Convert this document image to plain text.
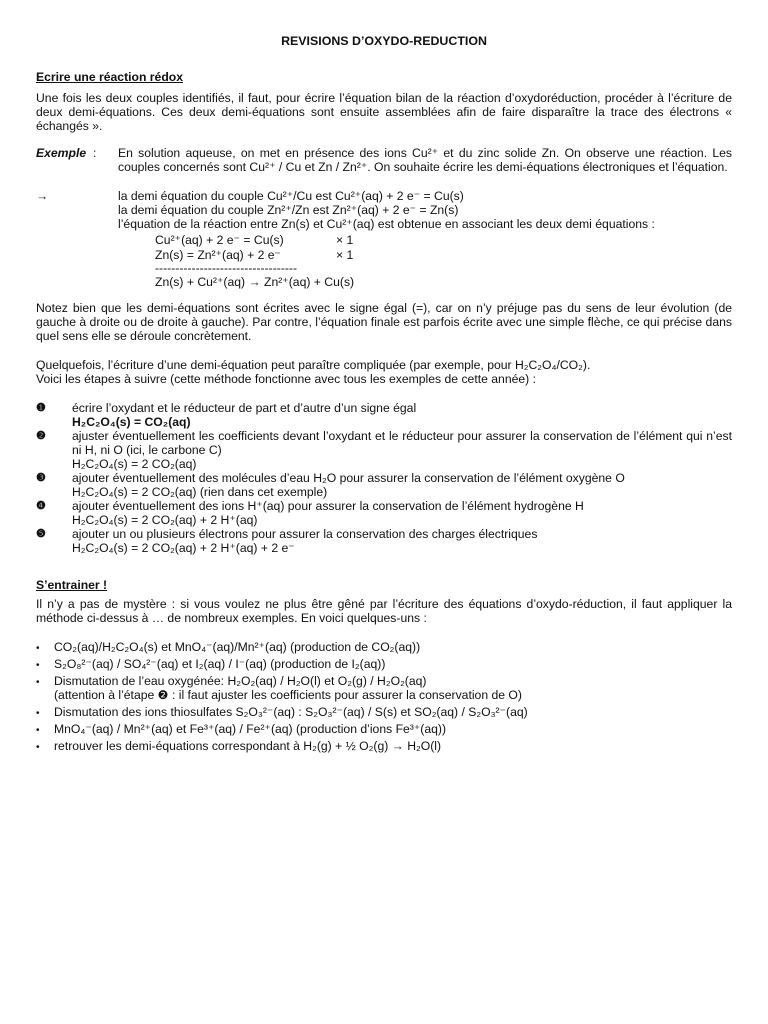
REVISIONS D’OXYDO-REDUCTION
Ecrire une réaction rédox
Une fois les deux couples identifiés, il faut, pour écrire l’équation bilan de la réaction d’oxydoréduction, procéder à l’écriture de deux demi-équations. Ces deux demi-équations sont ensuite assemblées afin de faire disparaître la trace des électrons « échangés ».
Exemple : En solution aqueuse, on met en présence des ions Cu²⁺ et du zinc solide Zn. On observe une réaction. Les couples concernés sont Cu²⁺ / Cu et Zn / Zn²⁺. On souhaite écrire les demi-équations électroniques et l’équation.
→	la demi équation du couple Cu²⁺/Cu est Cu²⁺(aq) + 2 e⁻ = Cu(s)
la demi équation du couple Zn²⁺/Zn est Zn²⁺(aq) + 2 e⁻ = Zn(s)
l’équation de la réaction entre Zn(s) et Cu²⁺(aq) est obtenue en associant les deux demi équations :
Cu²⁺(aq) + 2 e⁻ = Cu(s)	× 1
Zn(s) = Zn²⁺(aq) + 2 e⁻	× 1
-----------------------------------
Zn(s) + Cu²⁺(aq) → Zn²⁺(aq) + Cu(s)
Notez bien que les demi-équations sont écrites avec le signe égal (=), car on n’y préjuge pas du sens de leur évolution (de gauche à droite ou de droite à gauche). Par contre, l’équation finale est parfois écrite avec une simple flèche, ce qui précise dans quel sens elle se déroule concrètement.
Quelquefois, l’écriture d’une demi-équation peut paraître compliquée (par exemple, pour H₂C₂O₄/CO₂).
Voici les étapes à suivre (cette méthode fonctionne avec tous les exemples de cette année) :
❶ écrire l’oxydant et le réducteur de part et d’autre d’un signe égal
H₂C₂O₄(s) = CO₂(aq)
❷ ajuster éventuellement les coefficients devant l’oxydant et le réducteur pour assurer la conservation de l’élément qui n’est ni H, ni O (ici, le carbone C)
H₂C₂O₄(s) = 2 CO₂(aq)
❸ ajouter éventuellement des molécules d’eau H₂O pour assurer la conservation de l’élément oxygène O
H₂C₂O₄(s) = 2 CO₂(aq) (rien dans cet exemple)
❹ ajouter éventuellement des ions H⁺(aq) pour assurer la conservation de l’élément hydrogène H
H₂C₂O₄(s) = 2 CO₂(aq) + 2 H⁺(aq)
❺ ajouter un ou plusieurs électrons pour assurer la conservation des charges électriques
H₂C₂O₄(s) = 2 CO₂(aq) + 2 H⁺(aq) + 2 e⁻
S’entrainer !
Il n’y a pas de mystère : si vous voulez ne plus être gêné par l’écriture des équations d’oxydo-réduction, il faut appliquer la méthode ci-dessus à … de nombreux exemples. En voici quelques-uns :
• CO₂(aq)/H₂C₂O₄(s) et MnO₄⁻(aq)/Mn²⁺(aq) (production de CO₂(aq))
• S₂O₈²⁻(aq) / SO₄²⁻(aq) et I₂(aq) / I⁻(aq) (production de I₂(aq))
• Dismutation de l’eau oxygénée: H₂O₂(aq) / H₂O(l) et O₂(g) / H₂O₂(aq)
(attention à l’étape ❷ : il faut ajuster les coefficients pour assurer la conservation de O)
• Dismutation des ions thiosulfates S₂O₃²⁻(aq) : S₂O₃²⁻(aq) / S(s) et SO₂(aq) / S₂O₃²⁻(aq)
• MnO₄⁻(aq) / Mn²⁺(aq) et Fe³⁺(aq) / Fe²⁺(aq) (production d’ions Fe³⁺(aq))
• retrouver les demi-équations correspondant à H₂(g) + ½ O₂(g) → H₂O(l)
